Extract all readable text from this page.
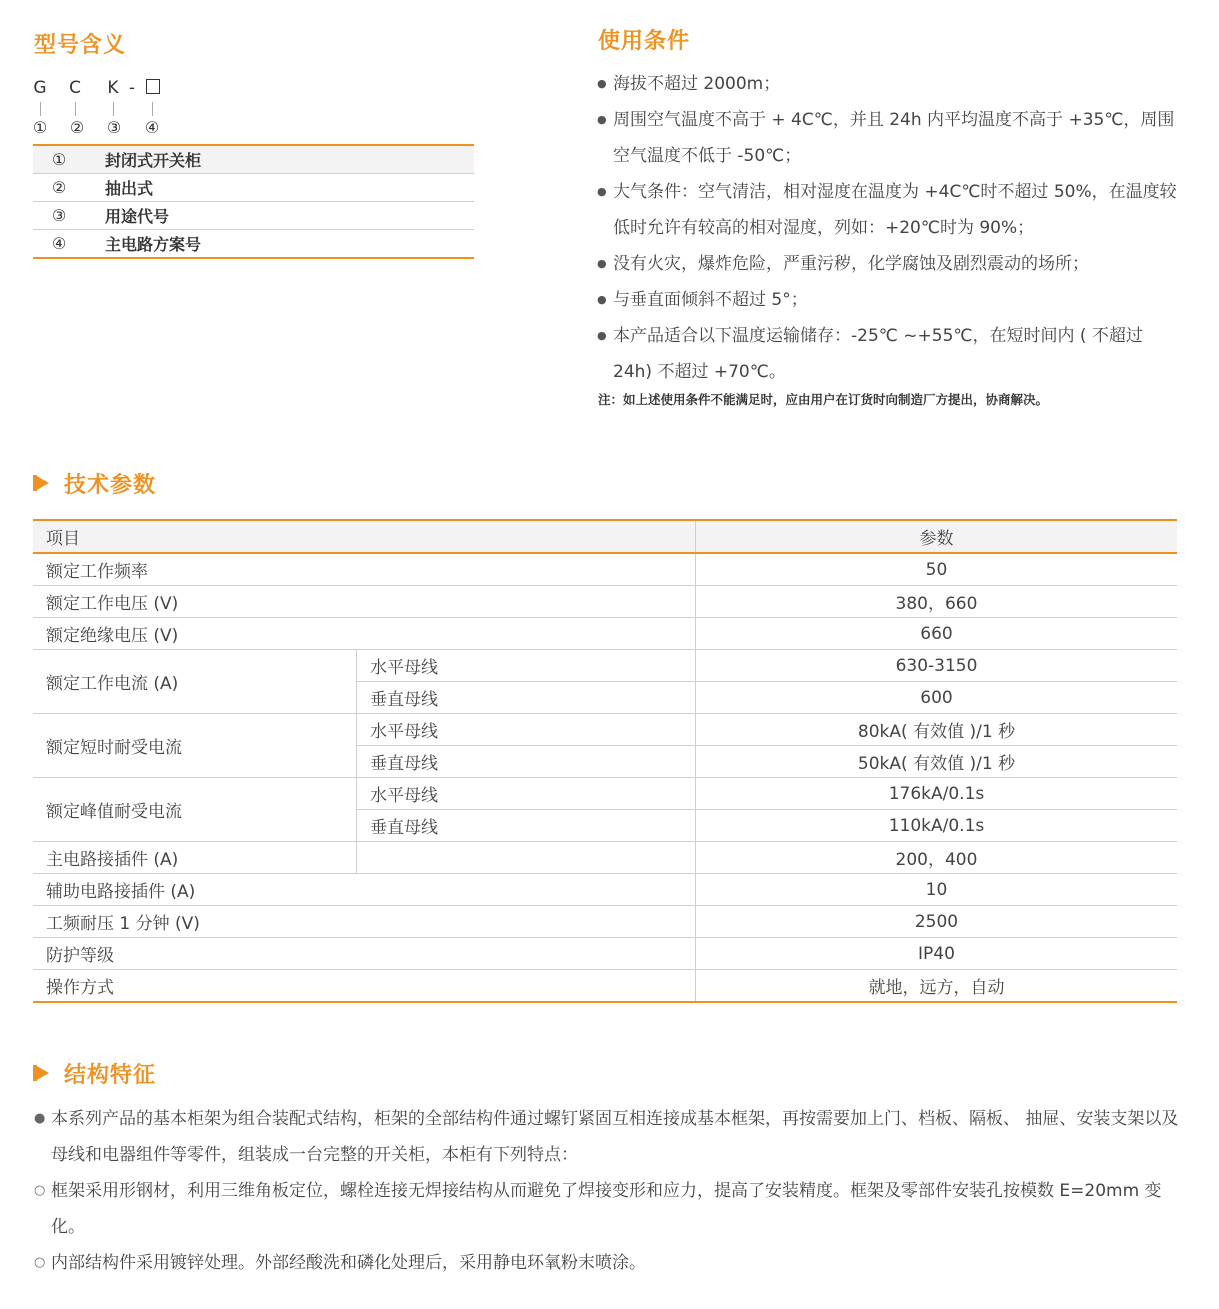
型号含义
G C K -
① ② ③ ④
①	封闭式开关柜
②	抽出式
③	用途代号
④	主电路方案号
使用条件
● 海拔不超过 2000m；
● 周围空气温度不高于 + 4C℃，并且 24h 内平均温度不高于 +35℃，周围空气温度不低于 -50℃；
● 大气条件：空气清洁，相对湿度在温度为 +4C℃时不超过 50%，在温度较低时允许有较高的相对湿度，列如：+20℃时为 90%；
● 没有火灾，爆炸危险，严重污秽，化学腐蚀及剧烈震动的场所；
● 与垂直面倾斜不超过 5°；
● 本产品适合以下温度运输储存：-25℃ ~+55℃，在短时间内 ( 不超过 24h) 不超过 +70℃。
注：如上述使用条件不能满足时，应由用户在订货时向制造厂方提出，协商解决。
技术参数
项目		参数
额定工作频率		50
额定工作电压 (V)		380，660
额定绝缘电压 (V)		660
额定工作电流 (A)	水平母线	630-3150
	垂直母线	600
额定短时耐受电流	水平母线	80kA( 有效值 )/1 秒
	垂直母线	50kA( 有效值 )/1 秒
额定峰值耐受电流	水平母线	176kA/0.1s
	垂直母线	110kA/0.1s
主电路接插件 (A)		200，400
辅助电路接插件 (A)		10
工频耐压 1 分钟 (V)		2500
防护等级		IP40
操作方式		就地，远方，自动
结构特征
● 本系列产品的基本柜架为组合装配式结构，柜架的全部结构件通过螺钉紧固互相连接成基本框架，再按需要加上门、档板、隔板、 抽屉、安装支架以及母线和电器组件等零件，组装成一台完整的开关柜，本柜有下列特点：
○ 框架采用形钢材，利用三维角板定位，螺栓连接无焊接结构从而避免了焊接变形和应力，提高了安装精度。框架及零部件安装孔按模数 E=20mm 变化。
○ 内部结构件采用镀锌处理。外部经酸洗和磷化处理后，采用静电环氧粉末喷涂。
